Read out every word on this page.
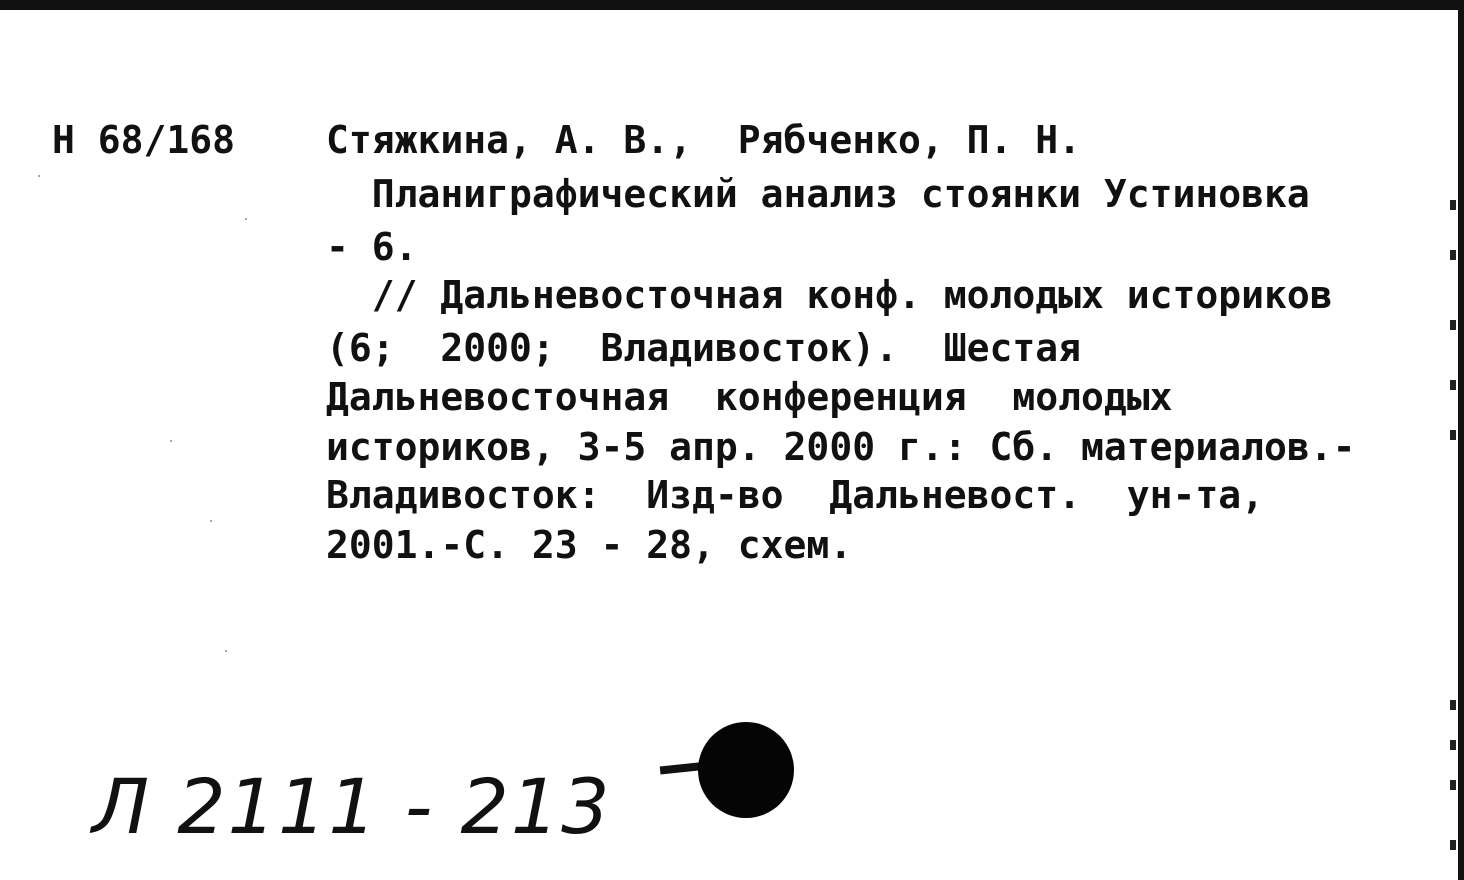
Н 68/168 Стяжкина, А. В.,  Рябченко, П. Н.
Планиграфический анализ стоянки Устиновка
- 6.
// Дальневосточная конф. молодых историков
(6;  2000;  Владивосток).  Шестая
Дальневосточная  конференция  молодых
историков, 3-5 апр. 2000 г.: Сб. материалов.-
Владивосток:  Изд-во  Дальневост.  ун-та,
2001.-С. 23 - 28, схем.
Л 2111 - 213
